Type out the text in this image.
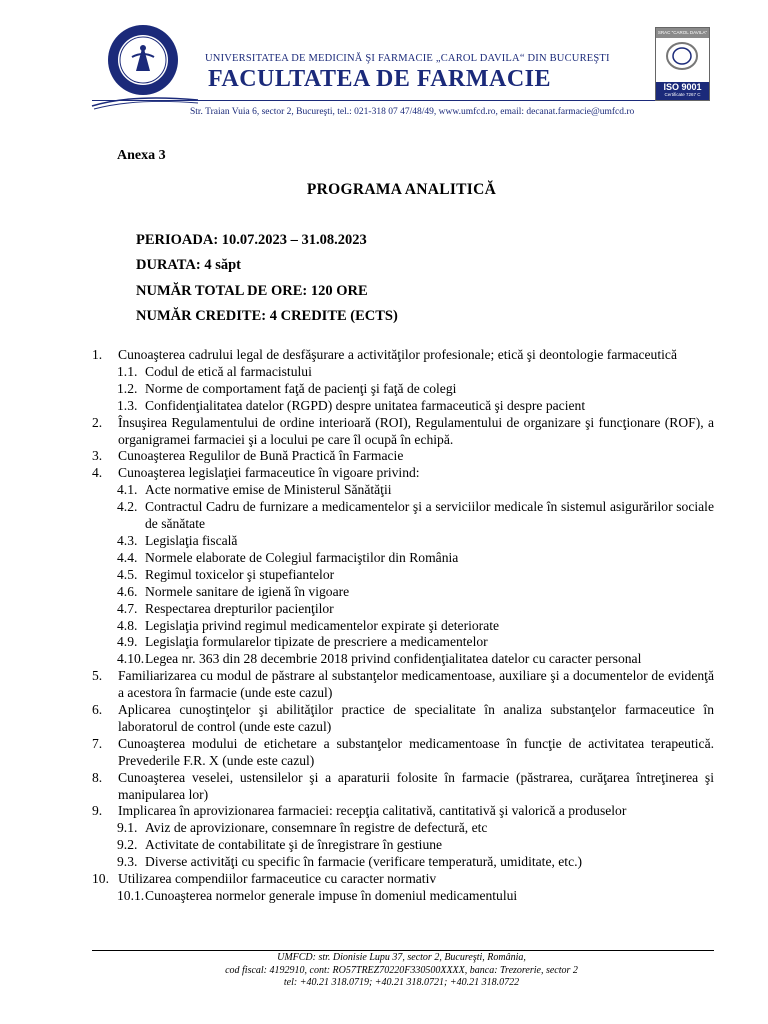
UNIVERSITATEA DE MEDICINĂ ŞI FARMACIE „CAROL DAVILA“ DIN BUCUREŞTI
FACULTATEA DE FARMACIE
Str. Traian Vuia 6, sector 2, Bucureşti, tel.: 021-318 07 47/48/49, www.umfcd.ro, email: decanat.farmacie@umfcd.ro
SRAC "CAROL DAVILA" BUCUREŞTI
ISO 9001
Certificate 7267 C
Anexa 3
PROGRAMA ANALITICĂ
PERIOADA: 10.07.2023 – 31.08.2023
DURATA: 4 săpt
NUMĂR TOTAL DE ORE: 120 ORE
NUMĂR CREDITE: 4 CREDITE (ECTS)
1. Cunoaşterea cadrului legal de desfăşurare a activităţilor profesionale; etică şi deontologie farmaceutică
1.1. Codul de etică al farmacistului
1.2. Norme de comportament faţă de pacienţi şi faţă de colegi
1.3. Confidenţialitatea datelor (RGPD) despre unitatea farmaceutică şi despre pacient
2. Însuşirea Regulamentului de ordine interioară (ROI), Regulamentului de organizare şi funcţionare (ROF), a organigramei farmaciei şi a locului pe care îl ocupă în echipă.
3. Cunoaşterea Regulilor de Bună Practică în Farmacie
4. Cunoaşterea legislaţiei farmaceutice în vigoare privind:
4.1. Acte normative emise de Ministerul Sănătăţii
4.2. Contractul Cadru de furnizare a medicamentelor şi a serviciilor medicale în sistemul asigurărilor sociale de sănătate
4.3. Legislaţia fiscală
4.4. Normele elaborate de Colegiul farmaciştilor din România
4.5. Regimul toxicelor şi stupefiantelor
4.6. Normele sanitare de igienă în vigoare
4.7. Respectarea drepturilor pacienţilor
4.8. Legislaţia privind regimul medicamentelor expirate şi deteriorate
4.9. Legislaţia formularelor tipizate de prescriere a medicamentelor
4.10. Legea nr. 363 din 28 decembrie 2018 privind confidenţialitatea datelor cu caracter personal
5. Familiarizarea cu modul de păstrare al substanţelor medicamentoase, auxiliare şi a documentelor de evidenţă a acestora în farmacie (unde este cazul)
6. Aplicarea cunoştinţelor şi abilităţilor practice de specialitate în analiza substanţelor farmaceutice în laboratorul de control (unde este cazul)
7. Cunoaşterea modului de etichetare a substanţelor medicamentoase în funcţie de activitatea terapeutică. Prevederile F.R. X (unde este cazul)
8. Cunoaşterea veselei, ustensilelor şi a aparaturii folosite în farmacie (păstrarea, curăţarea întreţinerea şi manipularea lor)
9. Implicarea în aprovizionarea farmaciei: recepţia calitativă, cantitativă şi valorică a produselor
9.1. Aviz de aprovizionare, consemnare în registre de defectură, etc
9.2. Activitate de contabilitate şi de înregistrare în gestiune
9.3. Diverse activităţi cu specific în farmacie (verificare temperatură, umiditate, etc.)
10. Utilizarea compendiilor farmaceutice cu caracter normativ
10.1. Cunoaşterea normelor generale impuse în domeniul medicamentului
UMFCD: str. Dionisie Lupu 37, sector 2, Bucureşti, România,
cod fiscal: 4192910, cont: RO57TREZ70220F330500XXXX, banca: Trezorerie, sector 2
tel: +40.21 318.0719; +40.21 318.0721; +40.21 318.0722
